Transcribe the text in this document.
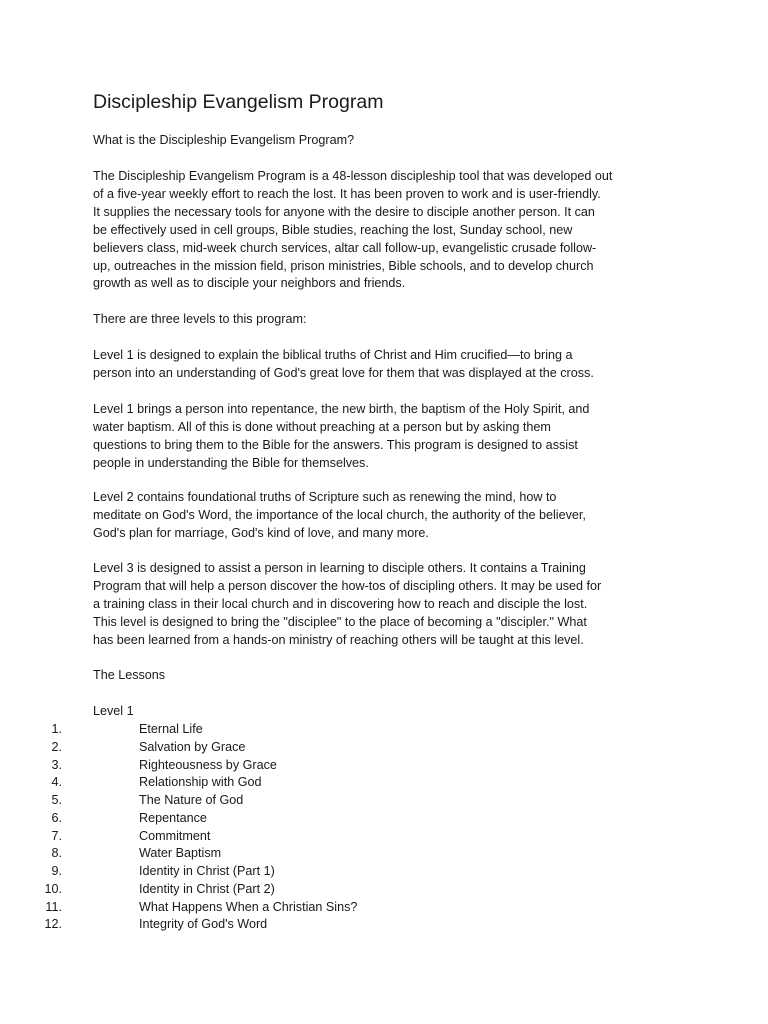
Discipleship Evangelism Program
What is the Discipleship Evangelism Program?
The Discipleship Evangelism Program is a 48-lesson discipleship tool that was developed out
of a five-year weekly effort to reach the lost. It has been proven to work and is user-friendly.
It supplies the necessary tools for anyone with the desire to disciple another person. It can
be effectively used in cell groups, Bible studies, reaching the lost, Sunday school, new
believers class, mid-week church services, altar call follow-up, evangelistic crusade follow-
up, outreaches in the mission field, prison ministries, Bible schools, and to develop church
growth as well as to disciple your neighbors and friends.
There are three levels to this program:
Level 1 is designed to explain the biblical truths of Christ and Him crucified—to bring a
person into an understanding of God's great love for them that was displayed at the cross.
Level 1 brings a person into repentance, the new birth, the baptism of the Holy Spirit, and
water baptism. All of this is done without preaching at a person but by asking them
questions to bring them to the Bible for the answers. This program is designed to assist
people in understanding the Bible for themselves.
Level 2 contains foundational truths of Scripture such as renewing the mind, how to
meditate on God's Word, the importance of the local church, the authority of the believer,
God's plan for marriage, God's kind of love, and many more.
Level 3 is designed to assist a person in learning to disciple others. It contains a Training
Program that will help a person discover the how-tos of discipling others. It may be used for
a training class in their local church and in discovering how to reach and disciple the lost.
This level is designed to bring the "disciplee" to the place of becoming a "discipler." What
has been learned from a hands-on ministry of reaching others will be taught at this level.
The Lessons
Level 1
1.	Eternal Life
2.	Salvation by Grace
3.	Righteousness by Grace
4.	Relationship with God
5.	The Nature of God
6.	Repentance
7.	Commitment
8.	Water Baptism
9.	Identity in Christ (Part 1)
10.	Identity in Christ (Part 2)
11.	What Happens When a Christian Sins?
12.	Integrity of God's Word
